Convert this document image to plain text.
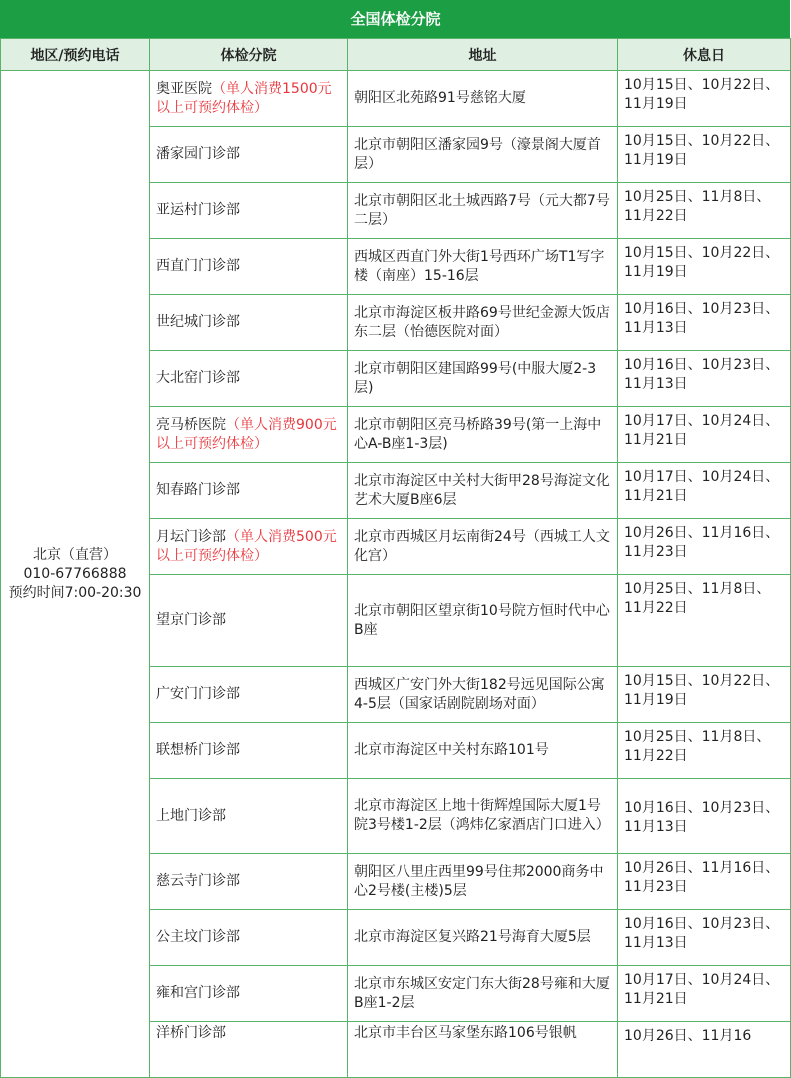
全国体检分院
地区/预约电话	体检分院	地址	休息日

北京（直营）
010-67766888
预约时间7:00-20:30	奥亚医院（单人消费1500元以上可预约体检）	朝阳区北苑路91号慈铭大厦	10月15日、10月22日、11月19日
	潘家园门诊部	北京市朝阳区潘家园9号（濠景阁大厦首层）	10月15日、10月22日、11月19日
	亚运村门诊部	北京市朝阳区北土城西路7号（元大都7号二层）	10月25日、11月8日、11月22日
	西直门门诊部	西城区西直门外大街1号西环广场T1写字楼（南座）15-16层	10月15日、10月22日、11月19日
	世纪城门诊部	北京市海淀区板井路69号世纪金源大饭店东二层（怡德医院对面）	10月16日、10月23日、11月13日
	大北窑门诊部	北京市朝阳区建国路99号(中服大厦2-3层)	10月16日、10月23日、11月13日
	亮马桥医院（单人消费900元以上可预约体检）	北京市朝阳区亮马桥路39号(第一上海中心A-B座1-3层)	10月17日、10月24日、11月21日
	知春路门诊部	北京市海淀区中关村大街甲28号海淀文化艺术大厦B座6层	10月17日、10月24日、11月21日
	月坛门诊部（单人消费500元以上可预约体检）	北京市西城区月坛南街24号（西城工人文化宫）	10月26日、11月16日、11月23日
	望京门诊部	北京市朝阳区望京街10号院方恒时代中心B座	10月25日、11月8日、11月22日
	广安门门诊部	西城区广安门外大街182号远见国际公寓4-5层（国家话剧院剧场对面）	10月15日、10月22日、11月19日
	联想桥门诊部	北京市海淀区中关村东路101号	10月25日、11月8日、11月22日
	上地门诊部	北京市海淀区上地十街辉煌国际大厦1号院3号楼1-2层（鸿炜亿家酒店门口进入）	10月16日、10月23日、11月13日
	慈云寺门诊部	朝阳区八里庄西里99号住邦2000商务中心2号楼(主楼)5层	10月26日、11月16日、11月23日
	公主坟门诊部	北京市海淀区复兴路21号海育大厦5层	10月16日、10月23日、11月13日
	雍和宫门诊部	北京市东城区安定门东大街28号雍和大厦B座1-2层	10月17日、10月24日、11月21日
	洋桥门诊部	北京市丰台区马家堡东路106号银帆	10月26日、11月16
